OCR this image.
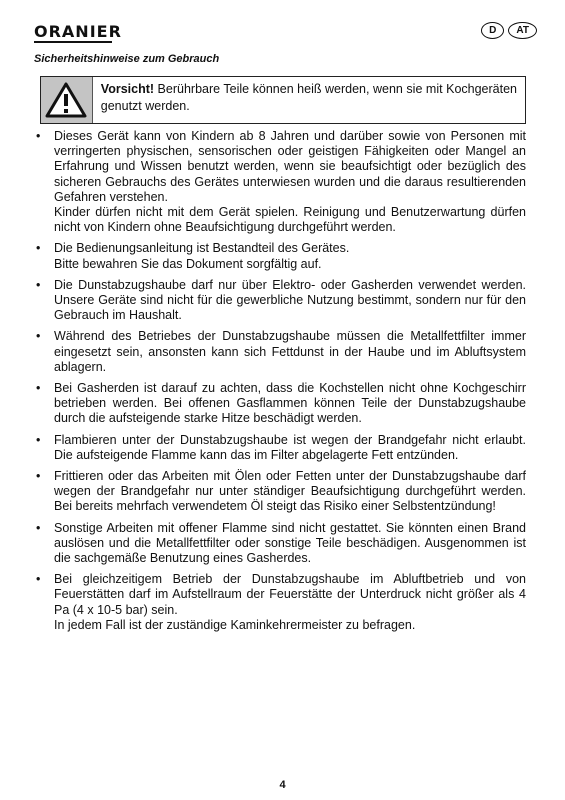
ORANIER	D	AT
Sicherheitshinweise zum Gebrauch
Vorsicht! Berührbare Teile können heiß werden, wenn sie mit Kochgeräten genutzt werden.
• Dieses Gerät kann von Kindern ab 8 Jahren und darüber sowie von Personen mit verringerten physischen, sensorischen oder geistigen Fähigkeiten oder Mangel an Erfahrung und Wissen benutzt werden, wenn sie beaufsichtigt oder bezüglich des sicheren Gebrauchs des Gerätes unterwiesen wurden und die daraus resultierenden Gefahren verstehen.
Kinder dürfen nicht mit dem Gerät spielen. Reinigung und Benutzerwartung dürfen nicht von Kindern ohne Beaufsichtigung durchgeführt werden.
• Die Bedienungsanleitung ist Bestandteil des Gerätes.
Bitte bewahren Sie das Dokument sorgfältig auf.
• Die Dunstabzugshaube darf nur über Elektro- oder Gasherden verwendet werden. Unsere Geräte sind nicht für die gewerbliche Nutzung bestimmt, sondern nur für den Gebrauch im Haushalt.
• Während des Betriebes der Dunstabzugshaube müssen die Metallfettfilter immer eingesetzt sein, ansonsten kann sich Fettdunst in der Haube und im Abluftsystem ablagern.
• Bei Gasherden ist darauf zu achten, dass die Kochstellen nicht ohne Kochgeschirr betrieben werden. Bei offenen Gasflammen können Teile der Dunstabzugshaube durch die aufsteigende starke Hitze beschädigt werden.
• Flambieren unter der Dunstabzugshaube ist wegen der Brandgefahr nicht erlaubt. Die aufsteigende Flamme kann das im Filter abgelagerte Fett entzünden.
• Frittieren oder das Arbeiten mit Ölen oder Fetten unter der Dunstabzugshaube darf wegen der Brandgefahr nur unter ständiger Beaufsichtigung durchgeführt werden. Bei bereits mehrfach verwendetem Öl steigt das Risiko einer Selbstentzündung!
• Sonstige Arbeiten mit offener Flamme sind nicht gestattet. Sie könnten einen Brand auslösen und die Metallfettfilter oder sonstige Teile beschädigen. Ausgenommen ist die sachgemäße Benutzung eines Gasherdes.
• Bei gleichzeitigem Betrieb der Dunstabzugshaube im Abluftbetrieb und von Feuerstätten darf im Aufstellraum der Feuerstätte der Unterdruck nicht größer als 4 Pa (4 x 10-5 bar) sein.
In jedem Fall ist der zuständige Kaminkehrermeister zu befragen.
4
